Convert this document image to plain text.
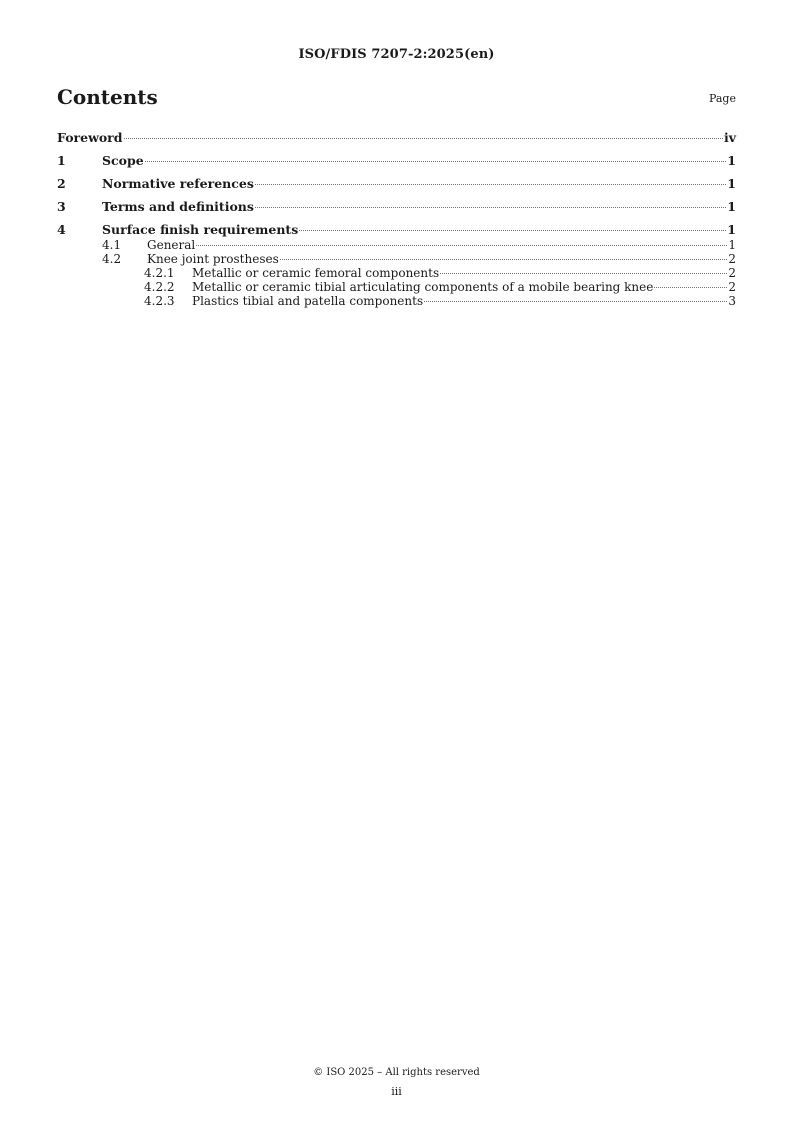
ISO/FDIS 7207-2:2025(en)
Contents	Page
Foreword	iv
1	Scope	1
2	Normative references	1
3	Terms and definitions	1
4	Surface finish requirements	1
4.1	General	1
4.2	Knee joint prostheses	2
4.2.1	Metallic or ceramic femoral components	2
4.2.2	Metallic or ceramic tibial articulating components of a mobile bearing knee	2
4.2.3	Plastics tibial and patella components	3
© ISO 2025 – All rights reserved
iii
